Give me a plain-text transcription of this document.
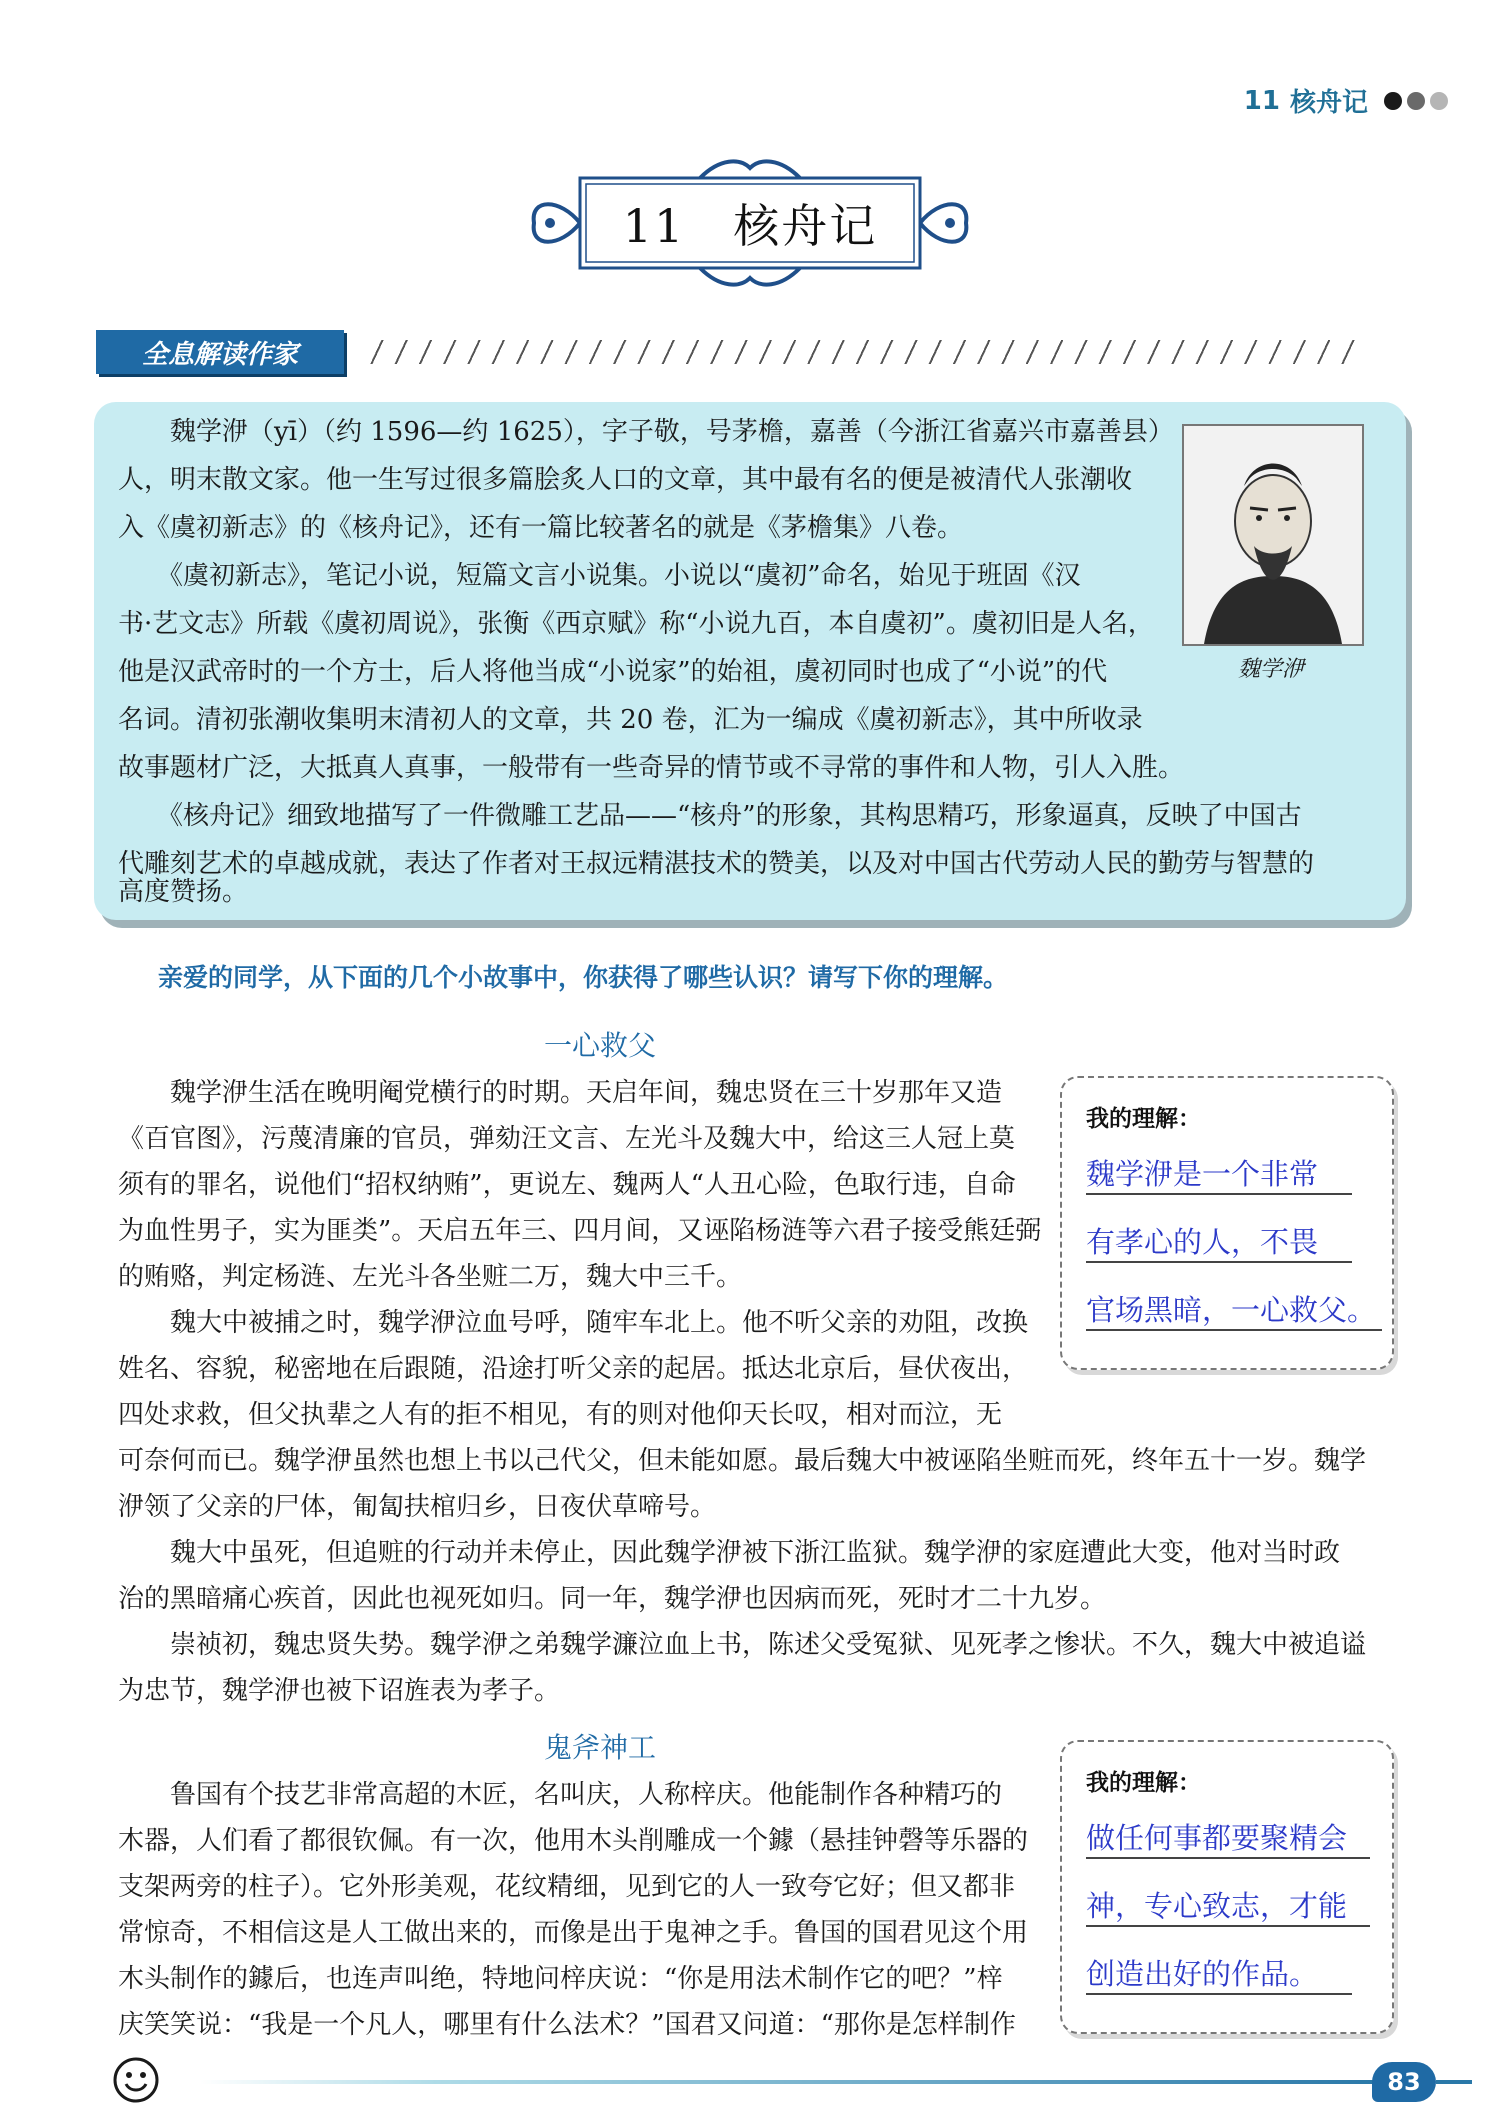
11 核舟记
11　核舟记
全息解读作家
　　魏学洢（yī）（约 1596—约 1625），字子敬，号茅檐，嘉善（今浙江省嘉兴市嘉善县）
人，明末散文家。他一生写过很多篇脍炙人口的文章，其中最有名的便是被清代人张潮收
入《虞初新志》的《核舟记》，还有一篇比较著名的就是《茅檐集》八卷。
　　《虞初新志》，笔记小说，短篇文言小说集。小说以“虞初”命名，始见于班固《汉
书·艺文志》所载《虞初周说》，张衡《西京赋》称“小说九百，本自虞初”。虞初旧是人名，
他是汉武帝时的一个方士，后人将他当成“小说家”的始祖，虞初同时也成了“小说”的代
名词。清初张潮收集明末清初人的文章，共 20 卷，汇为一编成《虞初新志》，其中所收录
故事题材广泛，大抵真人真事，一般带有一些奇异的情节或不寻常的事件和人物，引人入胜。
　　《核舟记》细致地描写了一件微雕工艺品——“核舟”的形象，其构思精巧，形象逼真，反映了中国古
代雕刻艺术的卓越成就，表达了作者对王叔远精湛技术的赞美，以及对中国古代劳动人民的勤劳与智慧的
高度赞扬。
魏学洢
亲爱的同学，从下面的几个小故事中，你获得了哪些认识？请写下你的理解。
一心救父
　　魏学洢生活在晚明阉党横行的时期。天启年间，魏忠贤在三十岁那年又造
《百官图》，污蔑清廉的官员，弹劾汪文言、左光斗及魏大中，给这三人冠上莫
须有的罪名，说他们“招权纳贿”，更说左、魏两人“人丑心险，色取行违，自命
为血性男子，实为匪类”。天启五年三、四月间，又诬陷杨涟等六君子接受熊廷弼
的贿赂，判定杨涟、左光斗各坐赃二万，魏大中三千。
　　魏大中被捕之时，魏学洢泣血号呼，随牢车北上。他不听父亲的劝阻，改换
姓名、容貌，秘密地在后跟随，沿途打听父亲的起居。抵达北京后，昼伏夜出，
四处求救，但父执辈之人有的拒不相见，有的则对他仰天长叹，相对而泣，无
可奈何而已。魏学洢虽然也想上书以己代父，但未能如愿。最后魏大中被诬陷坐赃而死，终年五十一岁。魏学
洢领了父亲的尸体，匍匐扶棺归乡，日夜伏草啼号。
　　魏大中虽死，但追赃的行动并未停止，因此魏学洢被下浙江监狱。魏学洢的家庭遭此大变，他对当时政
治的黑暗痛心疾首，因此也视死如归。同一年，魏学洢也因病而死，死时才二十九岁。
　　崇祯初，魏忠贤失势。魏学洢之弟魏学濂泣血上书，陈述父受冤狱、见死孝之惨状。不久，魏大中被追谥
为忠节，魏学洢也被下诏旌表为孝子。
我的理解：
魏学洢是一个非常
有孝心的人，不畏
官场黑暗，一心救父。
鬼斧神工
　　鲁国有个技艺非常高超的木匠，名叫庆，人称梓庆。他能制作各种精巧的
木器，人们看了都很钦佩。有一次，他用木头削雕成一个鐻（悬挂钟磬等乐器的
支架两旁的柱子）。它外形美观，花纹精细，见到它的人一致夸它好；但又都非
常惊奇，不相信这是人工做出来的，而像是出于鬼神之手。鲁国的国君见这个用
木头制作的鐻后，也连声叫绝，特地问梓庆说：“你是用法术制作它的吧？”梓
庆笑笑说：“我是一个凡人，哪里有什么法术？”国君又问道：“那你是怎样制作
我的理解：
做任何事都要聚精会
神，专心致志，才能
创造出好的作品。
83
